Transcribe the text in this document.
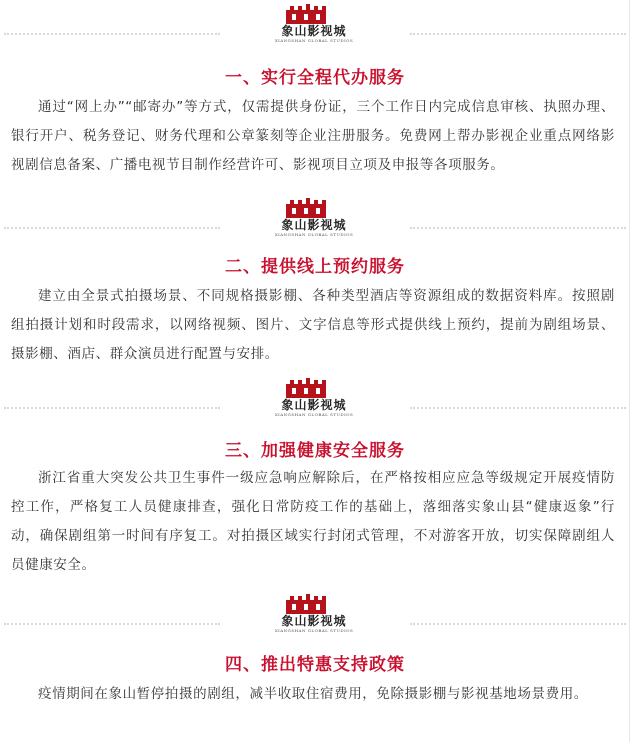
象山影视城
XIANGSHAN GLOBAL STUDIOS
一、实行全程代办服务
通过“网上办”“邮寄办”等方式，仅需提供身份证，三个工作日内完成信息审核、执照办理、银行开户、税务登记、财务代理和公章篆刻等企业注册服务。免费网上帮办影视企业重点网络影视剧信息备案、广播电视节目制作经营许可、影视项目立项及申报等各项服务。
象山影视城
XIANGSHAN GLOBAL STUDIOS
二、提供线上预约服务
建立由全景式拍摄场景、不同规格摄影棚、各种类型酒店等资源组成的数据资料库。按照剧组拍摄计划和时段需求，以网络视频、图片、文字信息等形式提供线上预约，提前为剧组场景、摄影棚、酒店、群众演员进行配置与安排。
象山影视城
XIANGSHAN GLOBAL STUDIOS
三、加强健康安全服务
浙江省重大突发公共卫生事件一级应急响应解除后，在严格按相应应急等级规定开展疫情防控工作，严格复工人员健康排查，强化日常防疫工作的基础上，落细落实象山县“健康返象”行动，确保剧组第一时间有序复工。对拍摄区域实行封闭式管理，不对游客开放，切实保障剧组人员健康安全。
象山影视城
XIANGSHAN GLOBAL STUDIOS
四、推出特惠支持政策
疫情期间在象山暂停拍摄的剧组，减半收取住宿费用，免除摄影棚与影视基地场景费用。
